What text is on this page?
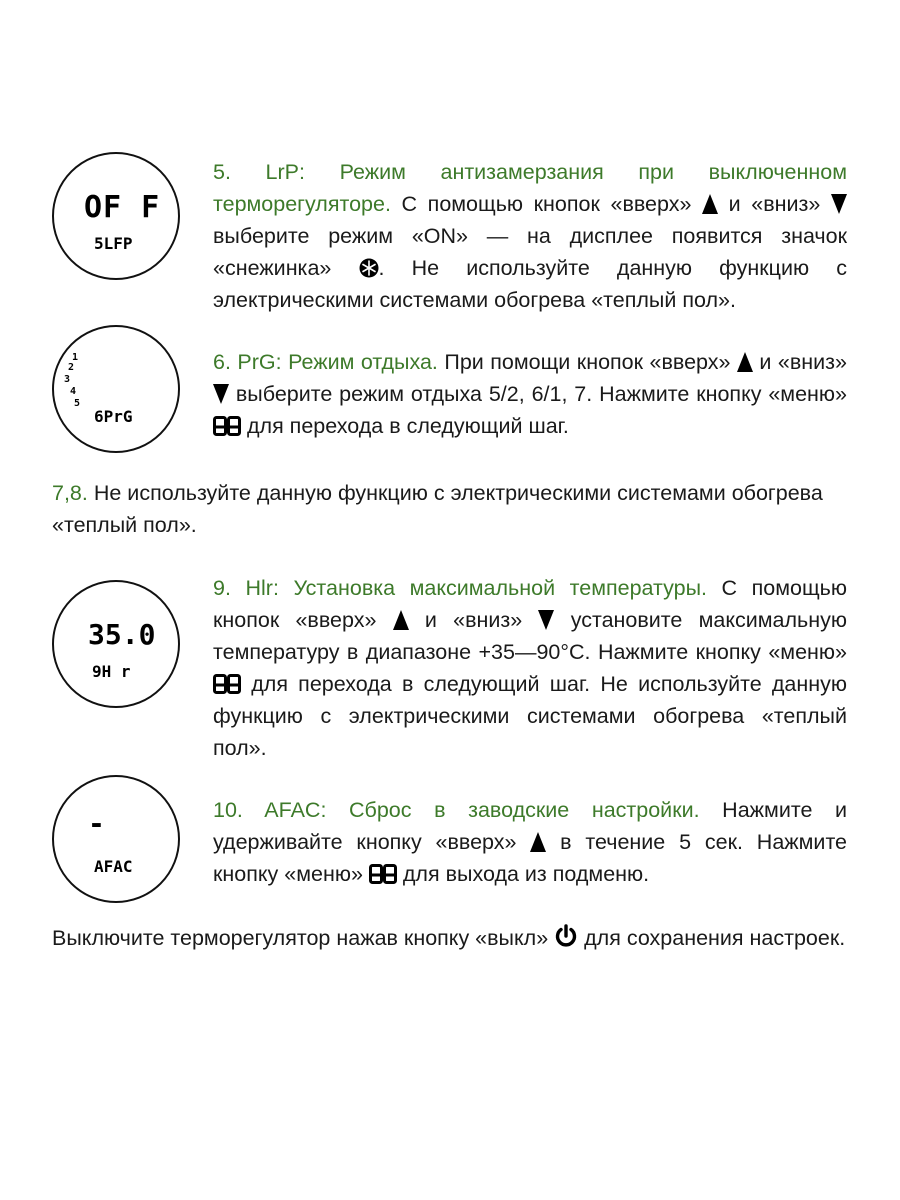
OF F
5LFP
5. LrP: Режим антизамерзания при выключенном терморегуляторе. С помощью кнопок «вверх»  и «вниз»  выберите режим «ON» — на дисплее появится значок «снежинка» . Не используйте данную функцию с электрическими системами обогрева «теплый пол».
1
2
3
4
5
6PrG
6. PrG: Режим отдыха. При помощи кнопок «вверх»  и «вниз»  выберите режим отдыха 5/2, 6/1, 7. Нажмите кнопку «меню»  для перехода в следующий шаг.
7,8. Не используйте данную функцию с электрическими системами обогрева «теплый пол».
35.0
9H r
9. Hlr: Установка максимальной температуры. С помощью кнопок «вверх»  и «вниз»  установите максимальную температуру в диапазоне +35—90°С. Нажмите кнопку «меню»  для перехода в следующий шаг. Не используйте данную функцию с электрическими системами обогрева «теплый пол».
-
AFAC
10. AFAC: Сброс в заводские настройки. Нажмите и удерживайте кнопку «вверх»  в течение 5 сек. Нажмите кнопку «меню»  для выхода из подменю.
Выключите терморегулятор нажав кнопку «выкл»  для сохранения настроек.
